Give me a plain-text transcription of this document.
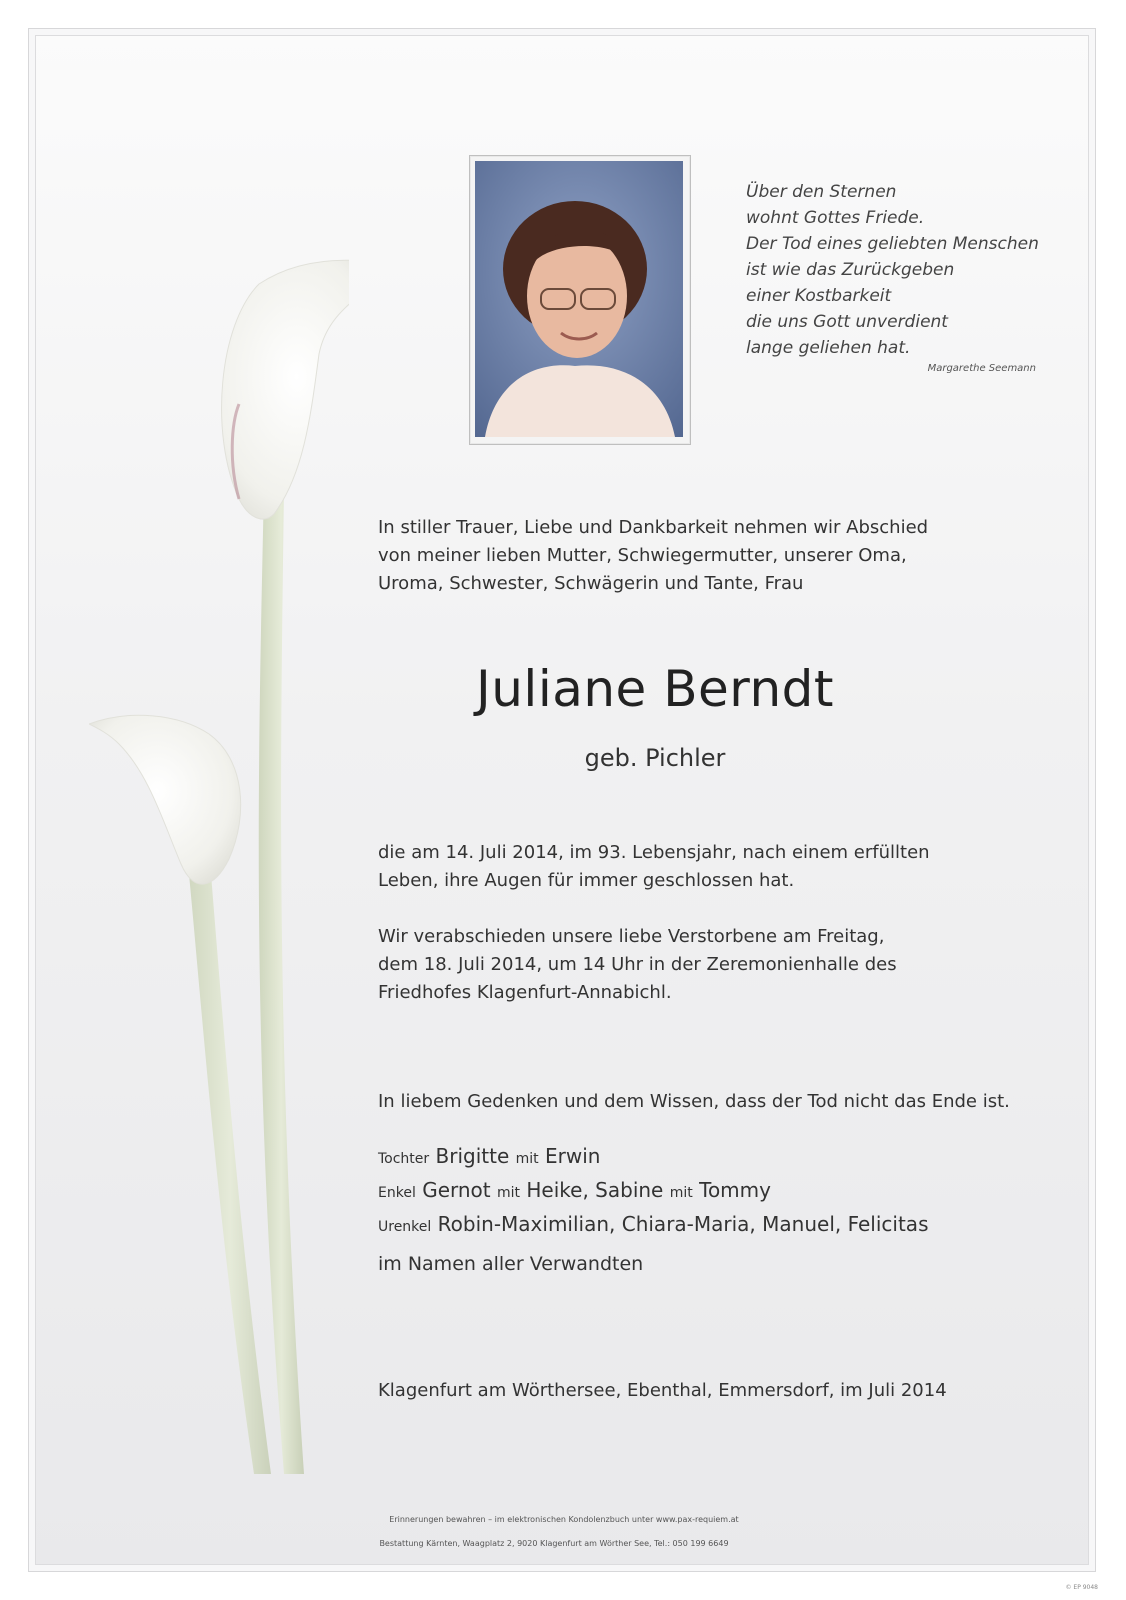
Über den Sternen
wohnt Gottes Friede.
Der Tod eines geliebten Menschen
ist wie das Zurückgeben
einer Kostbarkeit
die uns Gott unverdient
lange geliehen hat.
Margarethe Seemann
In stiller Trauer, Liebe und Dankbarkeit nehmen wir Abschied
von meiner lieben Mutter, Schwiegermutter, unserer Oma,
Uroma, Schwester, Schwägerin und Tante, Frau
Juliane Berndt
geb. Pichler
die am 14. Juli 2014, im 93. Lebensjahr, nach einem erfüllten
Leben, ihre Augen für immer geschlossen hat.
Wir verabschieden unsere liebe Verstorbene am Freitag,
dem 18. Juli 2014, um 14 Uhr in der Zeremonienhalle des
Friedhofes Klagenfurt-Annabichl.
In liebem Gedenken und dem Wissen, dass der Tod nicht das Ende ist.
Tochter Brigitte mit Erwin
Enkel Gernot mit Heike, Sabine mit Tommy
Urenkel Robin-Maximilian, Chiara-Maria, Manuel, Felicitas
im Namen aller Verwandten
Klagenfurt am Wörthersee, Ebenthal, Emmersdorf, im Juli 2014
Erinnerungen bewahren – im elektronischen Kondolenzbuch unter www.pax-requiem.at
Bestattung Kärnten, Waagplatz 2, 9020 Klagenfurt am Wörther See, Tel.: 050 199 6649
© EP 9048
